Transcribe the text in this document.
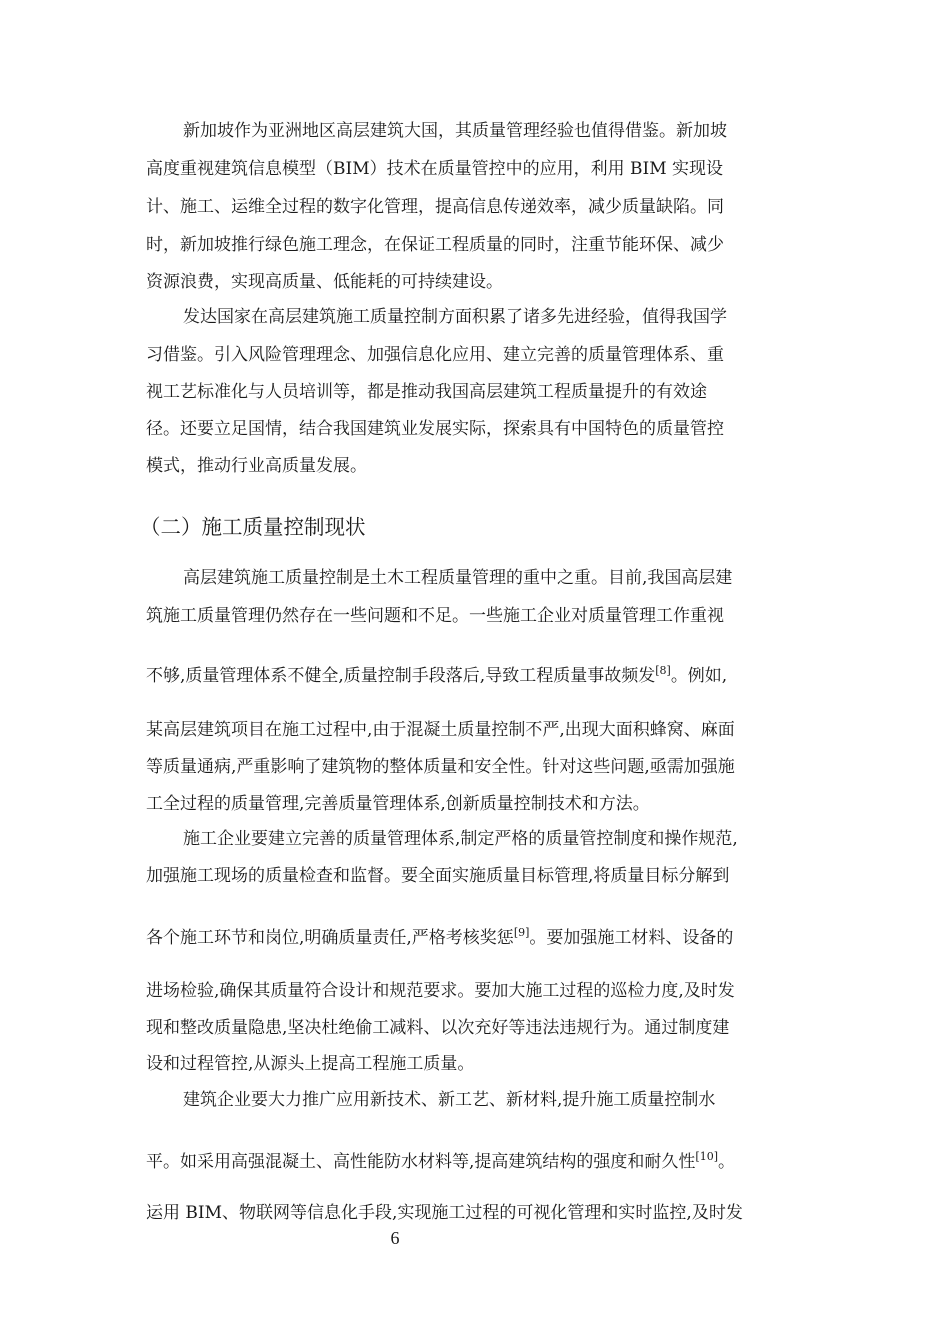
新加坡作为亚洲地区高层建筑大国，其质量管理经验也值得借鉴。新加坡
高度重视建筑信息模型（BIM）技术在质量管控中的应用，利用 BIM 实现设
计、施工、运维全过程的数字化管理，提高信息传递效率，减少质量缺陷。同
时，新加坡推行绿色施工理念，在保证工程质量的同时，注重节能环保、减少
资源浪费，实现高质量、低能耗的可持续建设。
发达国家在高层建筑施工质量控制方面积累了诸多先进经验，值得我国学
习借鉴。引入风险管理理念、加强信息化应用、建立完善的质量管理体系、重
视工艺标准化与人员培训等，都是推动我国高层建筑工程质量提升的有效途
径。还要立足国情，结合我国建筑业发展实际，探索具有中国特色的质量管控
模式，推动行业高质量发展。
（二）施工质量控制现状
高层建筑施工质量控制是土木工程质量管理的重中之重。目前,我国高层建
筑施工质量管理仍然存在一些问题和不足。一些施工企业对质量管理工作重视
不够,质量管理体系不健全,质量控制手段落后,导致工程质量事故频发[8]。例如,
某高层建筑项目在施工过程中,由于混凝土质量控制不严,出现大面积蜂窝、麻面
等质量通病,严重影响了建筑物的整体质量和安全性。针对这些问题,亟需加强施
工全过程的质量管理,完善质量管理体系,创新质量控制技术和方法。
施工企业要建立完善的质量管理体系,制定严格的质量管控制度和操作规范,
加强施工现场的质量检查和监督。要全面实施质量目标管理,将质量目标分解到
各个施工环节和岗位,明确质量责任,严格考核奖惩[9]。要加强施工材料、设备的
进场检验,确保其质量符合设计和规范要求。要加大施工过程的巡检力度,及时发
现和整改质量隐患,坚决杜绝偷工减料、以次充好等违法违规行为。通过制度建
设和过程管控,从源头上提高工程施工质量。
建筑企业要大力推广应用新技术、新工艺、新材料,提升施工质量控制水
平。如采用高强混凝土、高性能防水材料等,提高建筑结构的强度和耐久性[10]。
运用 BIM、物联网等信息化手段,实现施工过程的可视化管理和实时监控,及时发
6
